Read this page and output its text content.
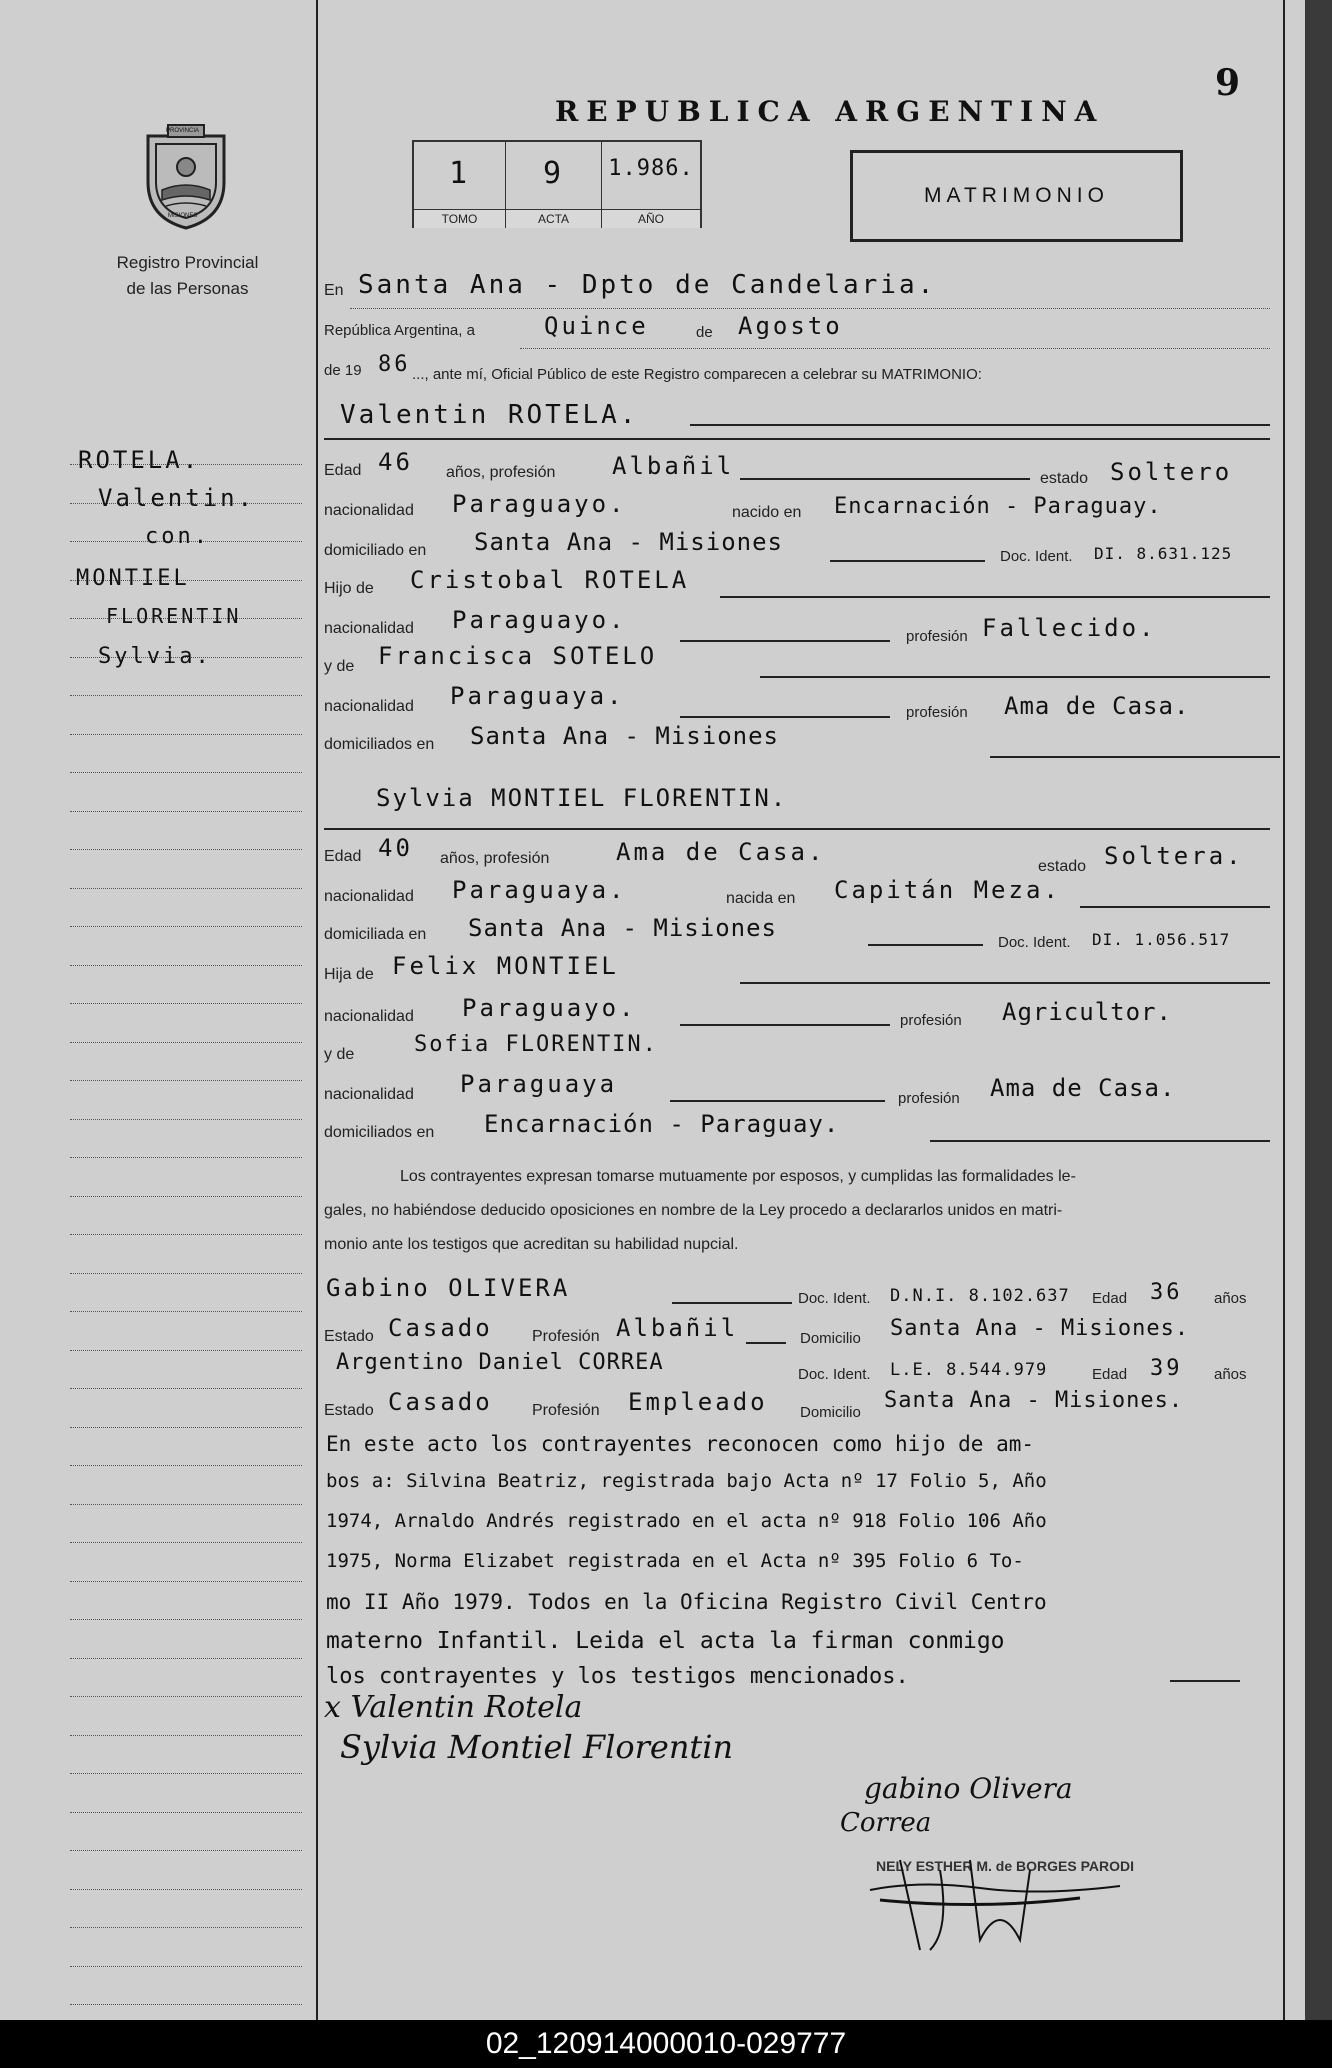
PROVINCIA
MISIONES
Registro Provincial
de las Personas
REPUBLICA ARGENTINA
9
1
TOMO
9
ACTA
1.986.
AÑO
MATRIMONIO
ROTELA.
Valentin.
con.
MONTIEL
FLORENTIN
Sylvia.
En Santa Ana - Dpto de Candelaria.
República Argentina, a	Quince	de Agosto
de 19 86 ..., ante mí, Oficial Público de este Registro comparecen a celebrar su MATRIMONIO:
Valentin ROTELA.
Edad 46 años, profesión Albañil	estado Soltero
nacionalidad Paraguayo.	nacido en Encarnación - Paraguay.
domiciliado en Santa Ana - Misiones
Doc. Ident. DI. 8.631.125
Hijo de Cristobal ROTELA
nacionalidad Paraguayo.
profesión Fallecido.
y de Francisca SOTELO
nacionalidad Paraguaya.
profesión Ama de Casa.
domiciliados en Santa Ana - Misiones
Sylvia MONTIEL FLORENTIN.
Edad 40 años, profesión	Ama de Casa.
estado Soltera.
nacionalidad Paraguaya.	nacida en Capitán Meza.
domiciliada en Santa Ana - Misiones
Doc. Ident. DI. 1.056.517
Hija de Felix MONTIEL
nacionalidad Paraguayo.	profesión Agricultor.
y de	Sofia FLORENTIN.
nacionalidad Paraguaya
profesión Ama de Casa.
domiciliados en Encarnación - Paraguay.
Los contrayentes expresan tomarse mutuamente por esposos, y cumplidas las formalidades le-
gales, no habiéndose deducido oposiciones en nombre de la Ley procedo a declararlos unidos en matri-
monio ante los testigos que acreditan su habilidad nupcial.
Gabino OLIVERA	Doc. Ident. D.N.I. 8.102.637 Edad 36 años
Estado Casado Profesión Albañil	Domicilio Santa Ana - Misiones.
Argentino Daniel CORREA	Doc. Ident. L.E. 8.544.979	Edad 39 años
Estado Casado Profesión Empleado Domicilio Santa Ana - Misiones.
En este acto los contrayentes reconocen como hijo de am-
bos a: Silvina Beatriz, registrada bajo Acta nº 17 Folio 5, Año
1974, Arnaldo Andrés registrado en el acta nº 918 Folio 106 Año
1975, Norma Elizabet registrada en el Acta nº 395 Folio 6 To-
mo II Año 1979. Todos en la Oficina Registro Civil Centro
materno Infantil. Leida el acta la firman conmigo
los contrayentes y los testigos mencionados.
x Valentin Rotela
Sylvia Montiel Florentin
gabino Olivera
Correa
NELY ESTHER M. de BORGES PARODI
02_120914000010-029777
